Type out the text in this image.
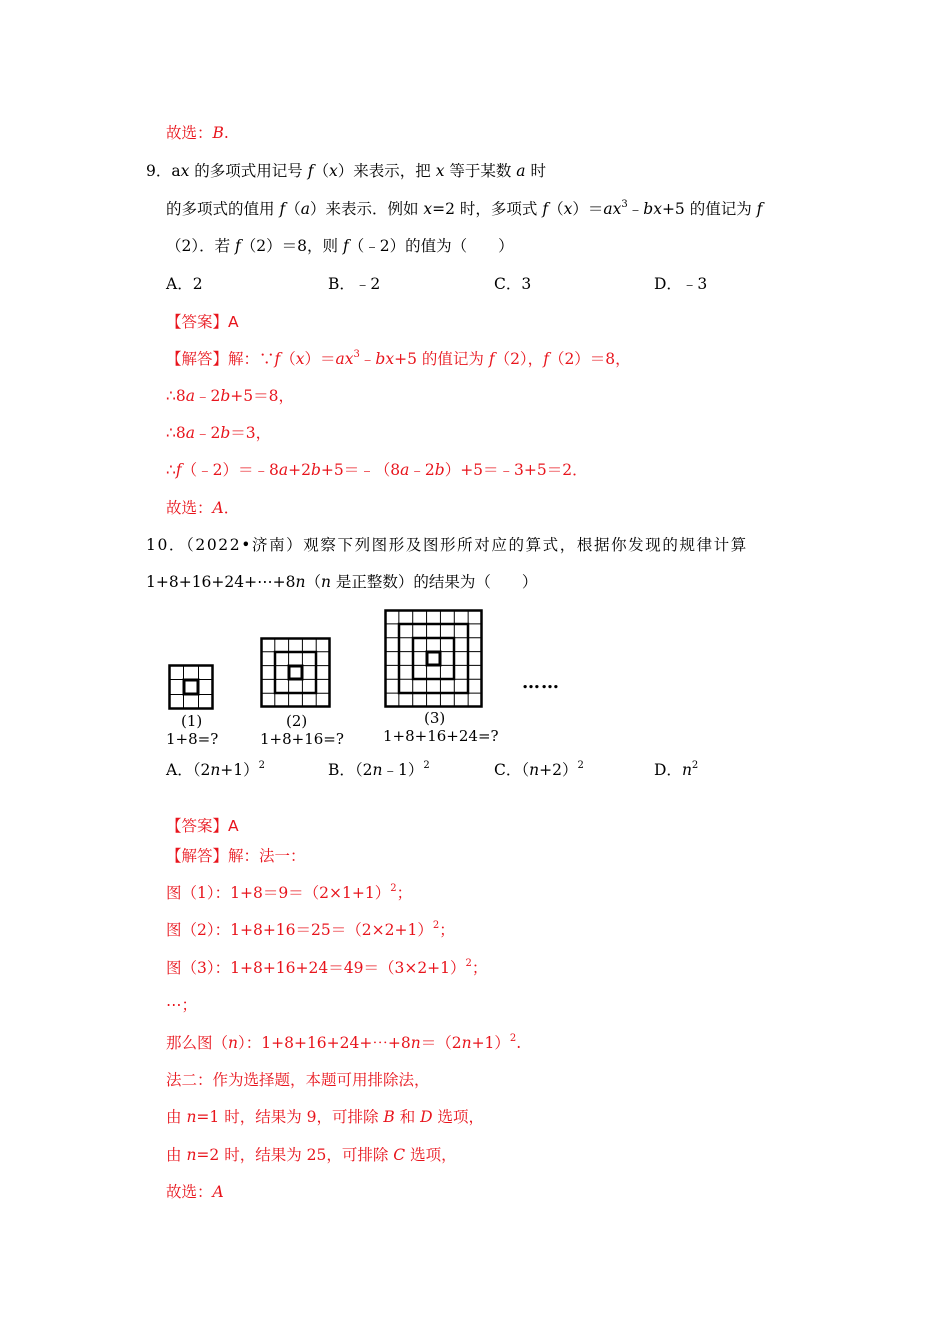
故选：B.
9．ax 的多项式用记号 f（x）来表示，把 x 等于某数 a 时
的多项式的值用 f（a）来表示．例如 x=2 时，多项式 $f(x)=ax^3﹣bx+5$ 的值记为 f
（2）．若 f（2）＝8，则 f（﹣2）的值为（　　）
A．2	B．﹣2	C．3	D．﹣3
【答案】A
【解答】解：$\because f(x)=ax^3﹣bx+5$ 的值记为 f（2），f（2）＝8，
∴8a﹣2b+5＝8，
∴8a﹣2b＝3，
∴f（﹣2）＝﹣8a+2b+5＝﹣（8a﹣2b）+5＝﹣3+5＝2．
故选：A．
10．（2022•济南）观察下列图形及图形所对应的算式，根据你发现的规律计算
1+8+16+24+⋯+8n（n 是正整数）的结果为（　　）
(1)
1+8=?
(2)
1+8+16=?
(3)
1+8+16+24=?
……
A．$(2n+1)^2$	B．（2n﹣1）$^2$	C．$(n+2)^2$	D．$n^2$
【答案】A
【解答】解：法一：
图（1）：$1+8=9=(2\times 1+1)^2$；
图（2）：$1+8+16=25=(2\times 2+1)^2$；
图（3）：$1+8+16+24=49=(3\times 2+1)^2$；
⋯；
那么图（n）：$1+8+16+24+\cdots+8n=(2n+1)^2$.
法二：作为选择题，本题可用排除法，
由 n=1 时，结果为 9，可排除 B 和 D 选项，
由 n=2 时，结果为 25，可排除 C 选项，
故选：A
